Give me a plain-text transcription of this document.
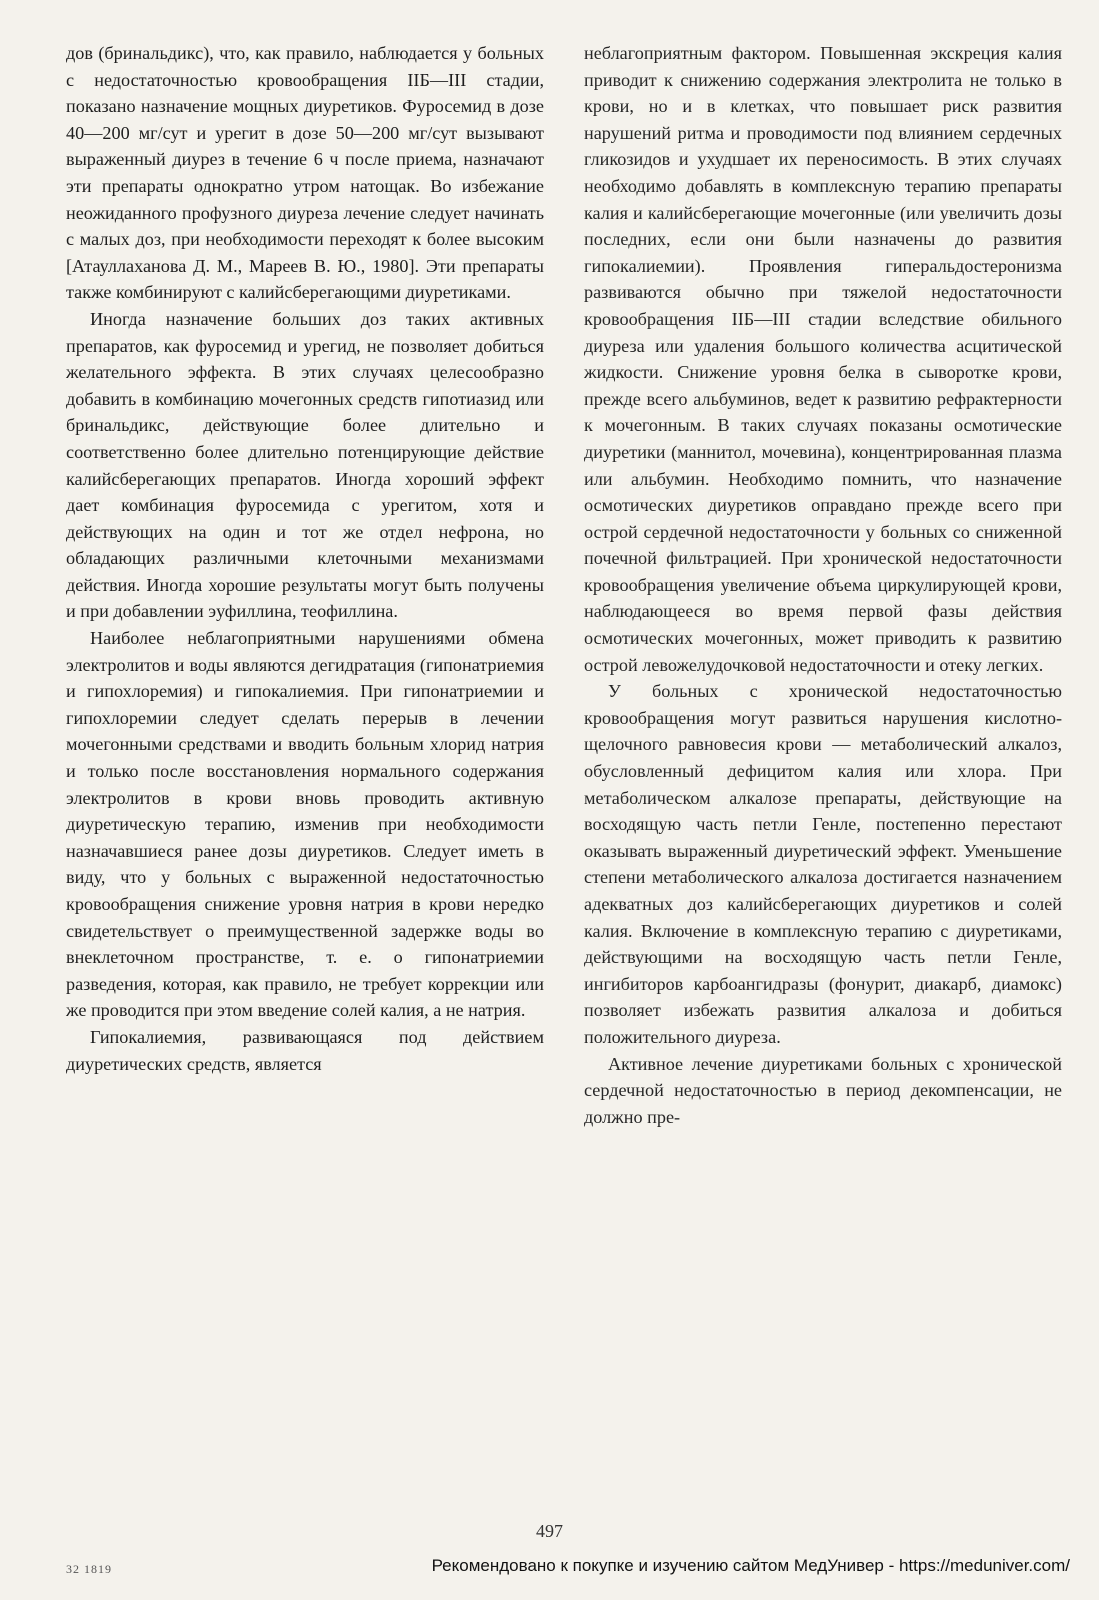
дов (бринальдикс), что, как правило, наблюдается у больных с недостаточностью кровообращения IIБ—III стадии, показано назначение мощных диуретиков. Фуросемид в дозе 40—200 мг/сут и урегит в дозе 50—200 мг/сут вызывают выраженный диурез в течение 6 ч после приема, назначают эти препараты однократно утром натощак. Во избежание неожиданного профузного диуреза лечение следует начинать с малых доз, при необходимости переходят к более высоким [Атауллаханова Д. М., Мареев В. Ю., 1980]. Эти препараты также комбинируют с калийсберегающими диуретиками.

Иногда назначение больших доз таких активных препаратов, как фуросемид и урегид, не позволяет добиться желательного эффекта. В этих случаях целесообразно добавить в комбинацию мочегонных средств гипотиазид или бринальдикс, действующие более длительно и соответственно более длительно потенцирующие действие калийсберегающих препаратов. Иногда хороший эффект дает комбинация фуросемида с урегитом, хотя и действующих на один и тот же отдел нефрона, но обладающих различными клеточными механизмами действия. Иногда хорошие результаты могут быть получены и при добавлении эуфиллина, теофиллина.

Наиболее неблагоприятными нарушениями обмена электролитов и воды являются дегидратация (гипонатриемия и гипохлоремия) и гипокалиемия. При гипонатриемии и гипохлоремии следует сделать перерыв в лечении мочегонными средствами и вводить больным хлорид натрия и только после восстановления нормального содержания электролитов в крови вновь проводить активную диуретическую терапию, изменив при необходимости назначавшиеся ранее дозы диуретиков. Следует иметь в виду, что у больных с выраженной недостаточностью кровообращения снижение уровня натрия в крови нередко свидетельствует о преимущественной задержке воды во внеклеточном пространстве, т. е. о гипонатриемии разведения, которая, как правило, не требует коррекции или же проводится при этом введение солей калия, а не натрия.

Гипокалиемия, развивающаяся под действием диуретических средств, является

неблагоприятным фактором. Повышенная экскреция калия приводит к снижению содержания электролита не только в крови, но и в клетках, что повышает риск развития нарушений ритма и проводимости под влиянием сердечных гликозидов и ухудшает их переносимость. В этих случаях необходимо добавлять в комплексную терапию препараты калия и калийсберегающие мочегонные (или увеличить дозы последних, если они были назначены до развития гипокалиемии). Проявления гиперальдостеронизма развиваются обычно при тяжелой недостаточности кровообращения IIБ—III стадии вследствие обильного диуреза или удаления большого количества асцитической жидкости. Снижение уровня белка в сыворотке крови, прежде всего альбуминов, ведет к развитию рефрактерности к мочегонным. В таких случаях показаны осмотические диуретики (маннитол, мочевина), концентрированная плазма или альбумин. Необходимо помнить, что назначение осмотических диуретиков оправдано прежде всего при острой сердечной недостаточности у больных со сниженной почечной фильтрацией. При хронической недостаточности кровообращения увеличение объема циркулирующей крови, наблюдающееся во время первой фазы действия осмотических мочегонных, может приводить к развитию острой левожелудочковой недостаточности и отеку легких.

У больных с хронической недостаточностью кровообращения могут развиться нарушения кислотно-щелочного равновесия крови — метаболический алкалоз, обусловленный дефицитом калия или хлора. При метаболическом алкалозе препараты, действующие на восходящую часть петли Генле, постепенно перестают оказывать выраженный диуретический эффект. Уменьшение степени метаболического алкалоза достигается назначением адекватных доз калийсберегающих диуретиков и солей калия. Включение в комплексную терапию с диуретиками, действующими на восходящую часть петли Генле, ингибиторов карбоангидразы (фонурит, диакарб, диамокс) позволяет избежать развития алкалоза и добиться положительного диуреза.

Активное лечение диуретиками больных с хронической сердечной недостаточностью в период декомпенсации, не должно пре-

497
32 1819	Рекомендовано к покупке и изучению сайтом МедУнивер - https://meduniver.com/
